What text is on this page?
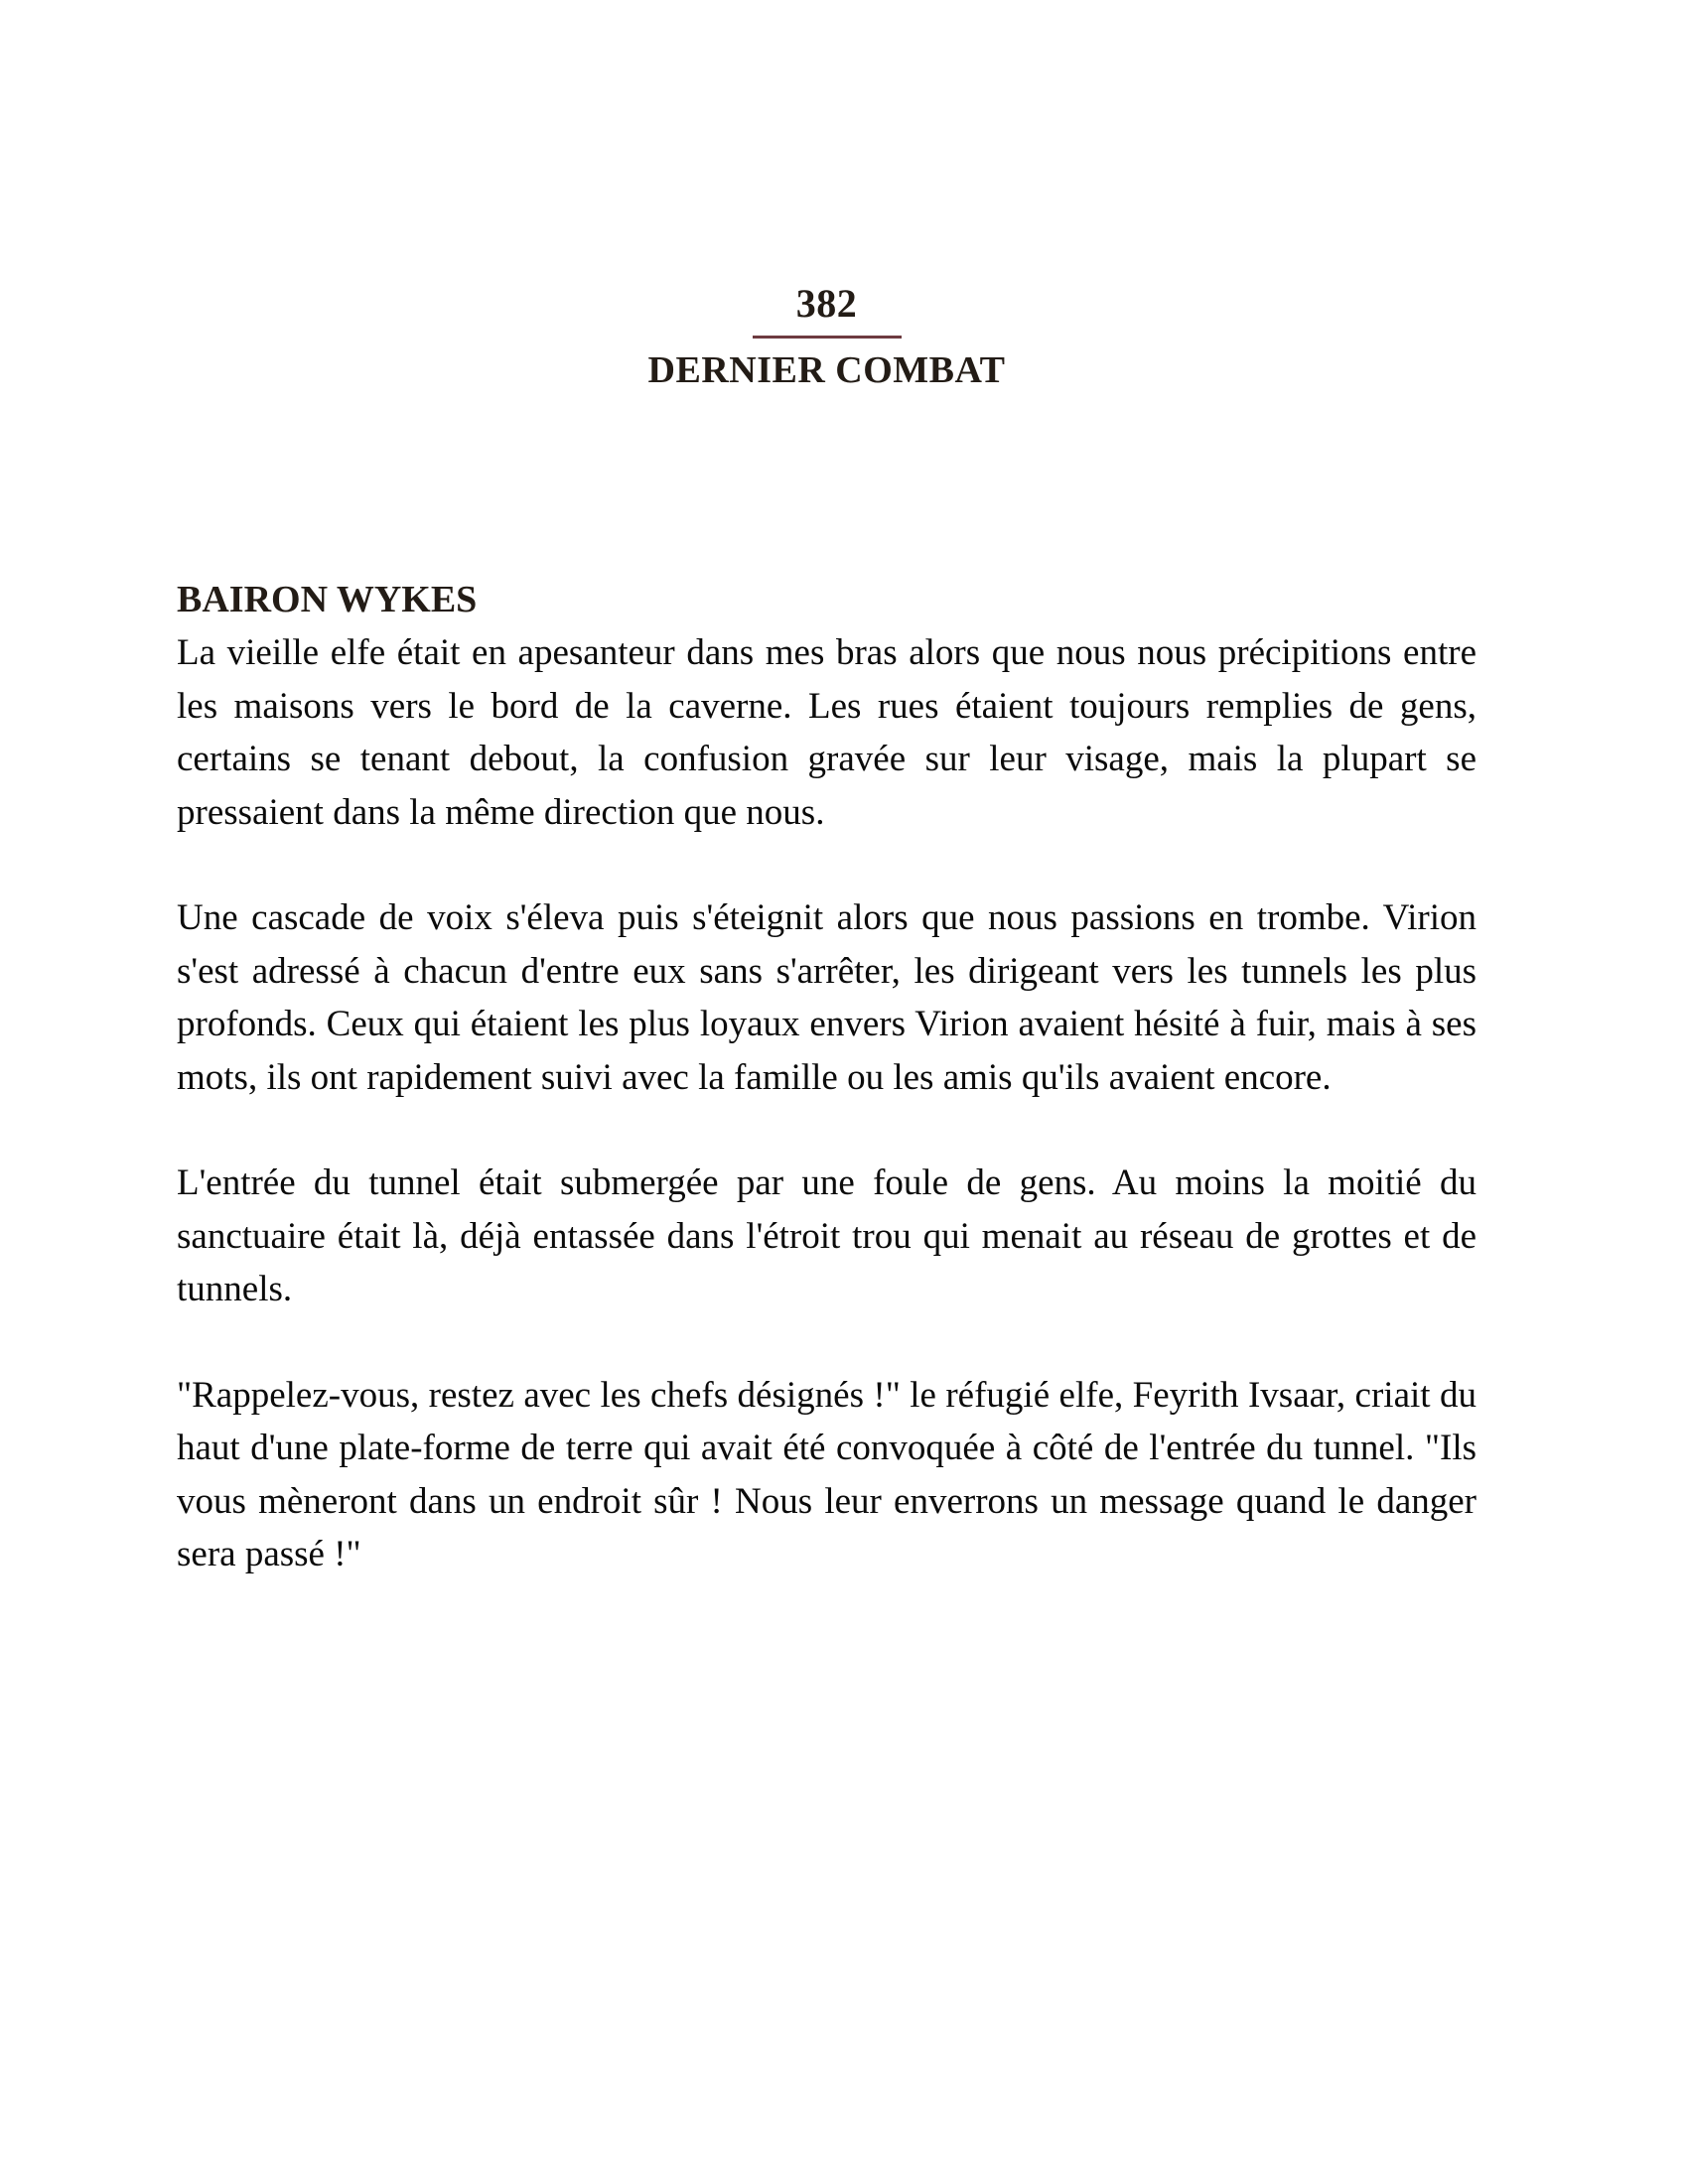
382
DERNIER COMBAT
BAIRON WYKES

La vieille elfe était en apesanteur dans mes bras alors que nous nous précipitions entre les maisons vers le bord de la caverne. Les rues étaient toujours remplies de gens, certains se tenant debout, la confusion gravée sur leur visage, mais la plupart se pressaient dans la même direction que nous.

Une cascade de voix s'éleva puis s'éteignit alors que nous passions en trombe. Virion s'est adressé à chacun d'entre eux sans s'arrêter, les dirigeant vers les tunnels les plus profonds. Ceux qui étaient les plus loyaux envers Virion avaient hésité à fuir, mais à ses mots, ils ont rapidement suivi avec la famille ou les amis qu'ils avaient encore.

L'entrée du tunnel était submergée par une foule de gens. Au moins la moitié du sanctuaire était là, déjà entassée dans l'étroit trou qui menait au réseau de grottes et de tunnels.

"Rappelez-vous, restez avec les chefs désignés !" le réfugié elfe, Feyrith Ivsaar, criait du haut d'une plate-forme de terre qui avait été convoquée à côté de l'entrée du tunnel. "Ils vous mèneront dans un endroit sûr ! Nous leur enverrons un message quand le danger sera passé !"
